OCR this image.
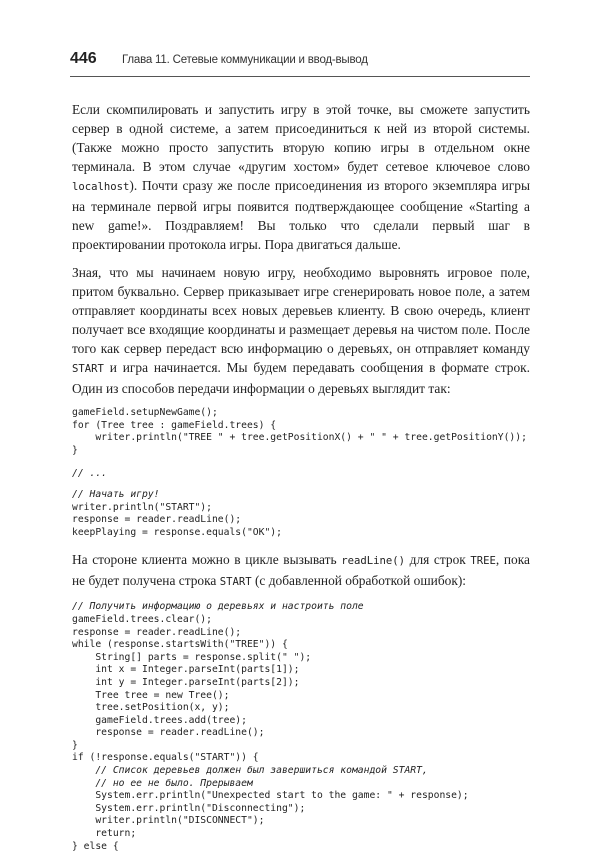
446 Глава 11. Сетевые коммуникации и ввод-вывод

Если скомпилировать и запустить игру в этой точке, вы сможете запустить сервер в одной системе, а затем присоединиться к ней из второй системы. (Также можно просто запустить вторую копию игры в отдельном окне терминала. В этом случае «другим хостом» будет сетевое ключевое слово localhost). Почти сразу же после присоединения из второго экземпляра игры на терминале первой игры появится подтверждающее сообщение «Starting a new game!». Поздравляем! Вы только что сделали первый шаг в проектировании протокола игры. Пора двигаться дальше.

Зная, что мы начинаем новую игру, необходимо выровнять игровое поле, притом буквально. Сервер приказывает игре сгенерировать новое поле, а затем отправляет координаты всех новых деревьев клиенту. В свою очередь, клиент получает все входящие координаты и размещает деревья на чистом поле. После того как сервер передаст всю информацию о деревьях, он отправляет команду START и игра начинается. Мы будем передавать сообщения в формате строк. Один из способов передачи информации о деревьях выглядит так:

gameField.setupNewGame();
for (Tree tree : gameField.trees) {
writer.println("TREE " + tree.getPositionX() + " " + tree.getPositionY());
}
// ...
// Начать игру!
writer.println("START");
response = reader.readLine();
keepPlaying = response.equals("OK");

На стороне клиента можно в цикле вызывать readLine() для строк TREE, пока не будет получена строка START (с добавленной обработкой ошибок):

// Получить информацию о деревьях и настроить поле
gameField.trees.clear();
response = reader.readLine();
while (response.startsWith("TREE")) {
String[] parts = response.split(" ");
int x = Integer.parseInt(parts[1]);
int y = Integer.parseInt(parts[2]);
Tree tree = new Tree();
tree.setPosition(x, y);
gameField.trees.add(tree);
response = reader.readLine();
}
if (!response.equals("START")) {
// Список деревьев должен был завершиться командой START,
// но ее не было. Прерываем
System.err.println("Unexpected start to the game: " + response);
System.err.println("Disconnecting");
writer.println("DISCONNECT");
return;
} else {
